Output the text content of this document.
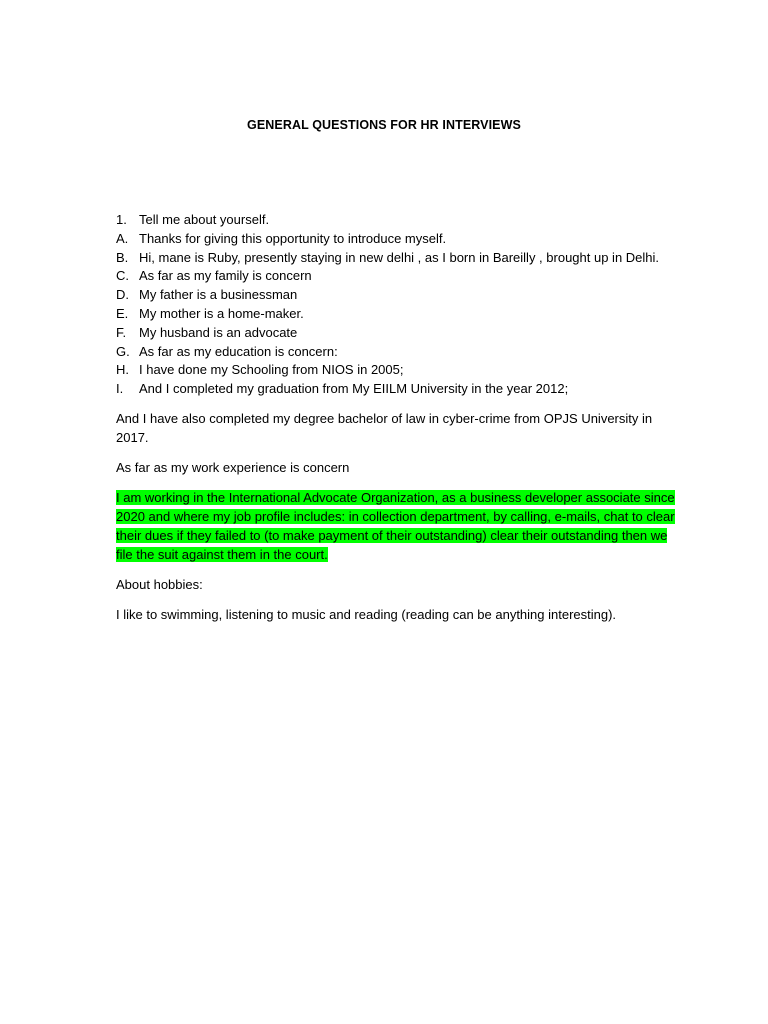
GENERAL QUESTIONS FOR HR INTERVIEWS
1. Tell me about yourself.
A. Thanks for giving this opportunity to introduce myself.
B. Hi, mane is Ruby, presently staying in new delhi , as I born in Bareilly , brought up in Delhi.
C. As far as my family is concern
D. My father is a businessman
E. My mother is a home-maker.
F. My husband is an advocate
G. As far as my education is concern:
H. I have done my Schooling from NIOS in 2005;
I.	And I completed my graduation from My EIILM University in the year 2012;

And I have also completed my degree bachelor of law in cyber-crime from OPJS University in 2017.

As far as my work experience is concern

I am working in the International Advocate Organization, as a business developer associate since 2020 and where my job profile includes: in collection department, by calling, e-mails, chat to clear their dues if they failed to (to make payment of their outstanding) clear their outstanding then we file the suit against them in the court.

About hobbies:

I like to swimming, listening to music and reading (reading can be anything interesting).
